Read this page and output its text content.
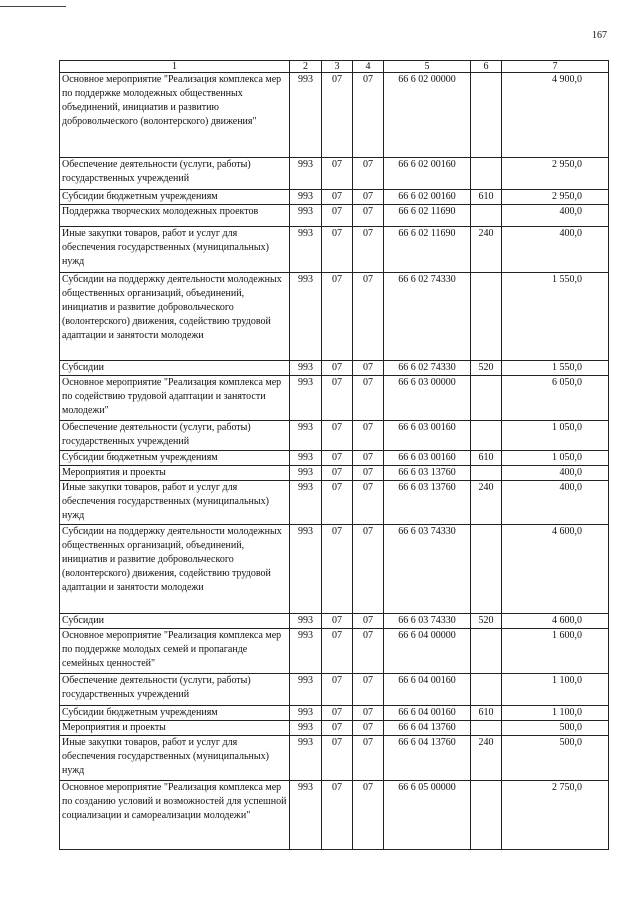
167
1	2	3	4	5	6	7
Основное мероприятие "Реализация комплекса мер по поддержке молодежных общественных объединений, инициатив и развитию добровольческого (волонтерского) движения"	993	07	07	66 6 02 00000		4 900,0
Обеспечение деятельности (услуги, работы) государственных учреждений	993	07	07	66 6 02 00160		2 950,0
Субсидии бюджетным учреждениям	993	07	07	66 6 02 00160	610	2 950,0
Поддержка творческих молодежных проектов	993	07	07	66 6 02 11690		400,0
Иные закупки товаров, работ и услуг для обеспечения государственных (муниципальных) нужд	993	07	07	66 6 02 11690	240	400,0
Субсидии на поддержку деятельности молодежных общественных организаций, объединений, инициатив и развитие добровольческого (волонтерского) движения, содействию трудовой адаптации и занятости молодежи	993	07	07	66 6 02 74330		1 550,0
Субсидии	993	07	07	66 6 02 74330	520	1 550,0
Основное мероприятие "Реализация комплекса мер по содействию трудовой адаптации и занятости молодежи"	993	07	07	66 6 03 00000		6 050,0
Обеспечение деятельности (услуги, работы) государственных учреждений	993	07	07	66 6 03 00160		1 050,0
Субсидии бюджетным учреждениям	993	07	07	66 6 03 00160	610	1 050,0
Мероприятия и проекты	993	07	07	66 6 03 13760		400,0
Иные закупки товаров, работ и услуг для обеспечения государственных (муниципальных) нужд	993	07	07	66 6 03 13760	240	400,0
Субсидии на поддержку деятельности молодежных общественных организаций, объединений, инициатив и развитие добровольческого (волонтерского) движения, содействию трудовой адаптации и занятости молодежи	993	07	07	66 6 03 74330		4 600,0
Субсидии	993	07	07	66 6 03 74330	520	4 600,0
Основное мероприятие "Реализация комплекса мер по поддержке молодых семей и пропаганде семейных ценностей"	993	07	07	66 6 04 00000		1 600,0
Обеспечение деятельности (услуги, работы) государственных учреждений	993	07	07	66 6 04 00160		1 100,0
Субсидии бюджетным учреждениям	993	07	07	66 6 04 00160	610	1 100,0
Мероприятия и проекты	993	07	07	66 6 04 13760		500,0
Иные закупки товаров, работ и услуг для обеспечения государственных (муниципальных) нужд	993	07	07	66 6 04 13760	240	500,0
Основное мероприятие "Реализация комплекса мер по созданию условий и возможностей для успешной социализации и самореализации молодежи"	993	07	07	66 6 05 00000		2 750,0
